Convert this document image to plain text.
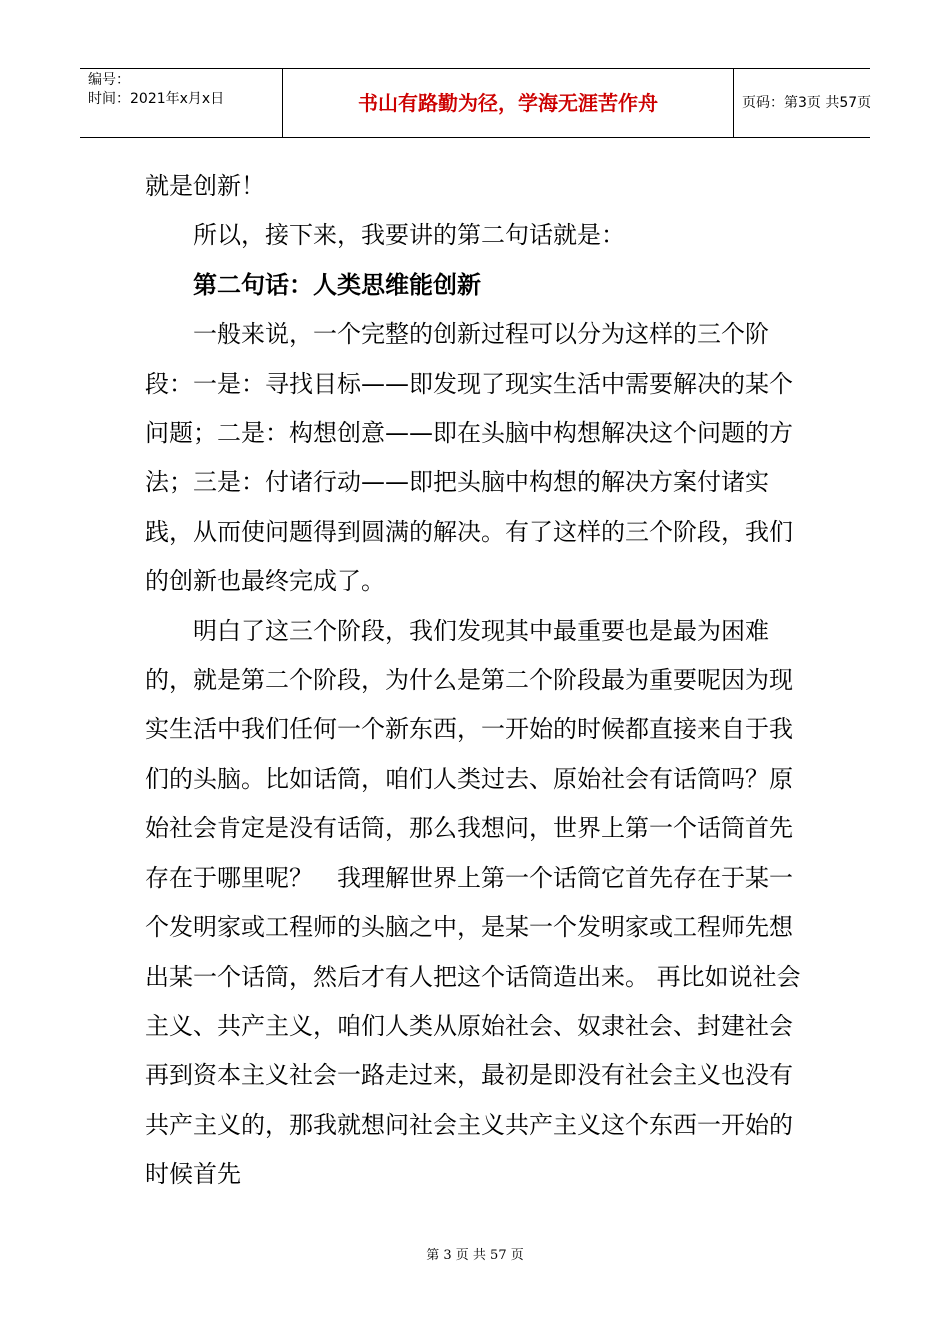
编号：
时间：2021年x月x日	书山有路勤为径，学海无涯苦作舟	页码：第3页 共57页

就是创新！

　　所以，接下来，我要讲的第二句话就是：

　　第二句话：人类思维能创新

　　一般来说，一个完整的创新过程可以分为这样的三个阶段：一是：寻找目标——即发现了现实生活中需要解决的某个问题；二是：构想创意——即在头脑中构想解决这个问题的方法；三是：付诸行动——即把头脑中构想的解决方案付诸实践，从而使问题得到圆满的解决。有了这样的三个阶段，我们的创新也最终完成了。

　　明白了这三个阶段，我们发现其中最重要也是最为困难的，就是第二个阶段，为什么是第二个阶段最为重要呢因为现实生活中我们任何一个新东西，一开始的时候都直接来自于我们的头脑。比如话筒，咱们人类过去、原始社会有话筒吗？原始社会肯定是没有话筒，那么我想问，世界上第一个话筒首先存在于哪里呢？　我理解世界上第一个话筒它首先存在于某一个发明家或工程师的头脑之中，是某一个发明家或工程师先想出某一个话筒，然后才有人把这个话筒造出来。 再比如说社会主义、共产主义，咱们人类从原始社会、奴隶社会、封建社会再到资本主义社会一路走过来，最初是即没有社会主义也没有共产主义的，那我就想问社会主义共产主义这个东西一开始的时候首先

第 3 页 共 57 页
